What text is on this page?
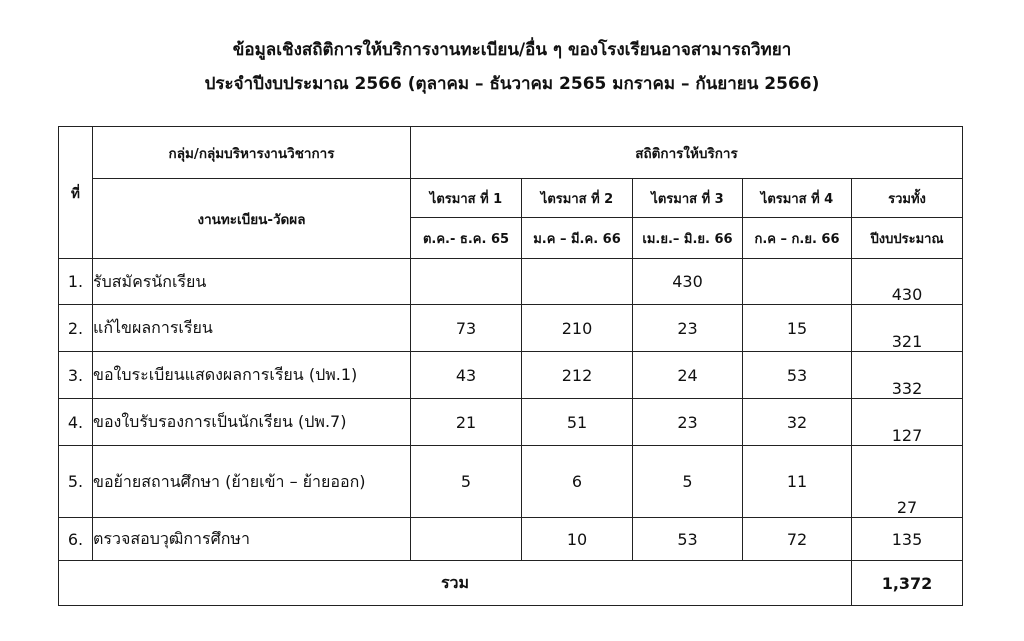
ข้อมูลเชิงสถิติการให้บริการงานทะเบียน/อื่น ๆ ของโรงเรียนอาจสามารถวิทยา
ประจำปีงบประมาณ 2566 (ตุลาคม – ธันวาคม 2565 มกราคม – กันยายน 2566)
ที่	กลุ่ม/กลุ่มบริหารงานวิชาการ	สถิติการให้บริการ				
	งานทะเบียน-วัดผล	ไตรมาส ที่ 1	ไตรมาส ที่ 2	ไตรมาส ที่ 3	ไตรมาส ที่ 4	รวมทั้ง
		ต.ค.- ธ.ค. 65	ม.ค – มี.ค. 66	เม.ย.– มิ.ย. 66	ก.ค – ก.ย. 66	ปีงบประมาณ
1.	รับสมัครนักเรียน			430		430
2.	แก้ไขผลการเรียน	73	210	23	15	321
3.	ขอใบระเบียนแสดงผลการเรียน (ปพ.1)	43	212	24	53	332
4.	ของใบรับรองการเป็นนักเรียน (ปพ.7)	21	51	23	32	127
5.	ขอย้ายสถานศึกษา (ย้ายเข้า – ย้ายออก)	5	6	5	11	27
6.	ตรวจสอบวุฒิการศึกษา		10	53	72	135
รวม						1,372
